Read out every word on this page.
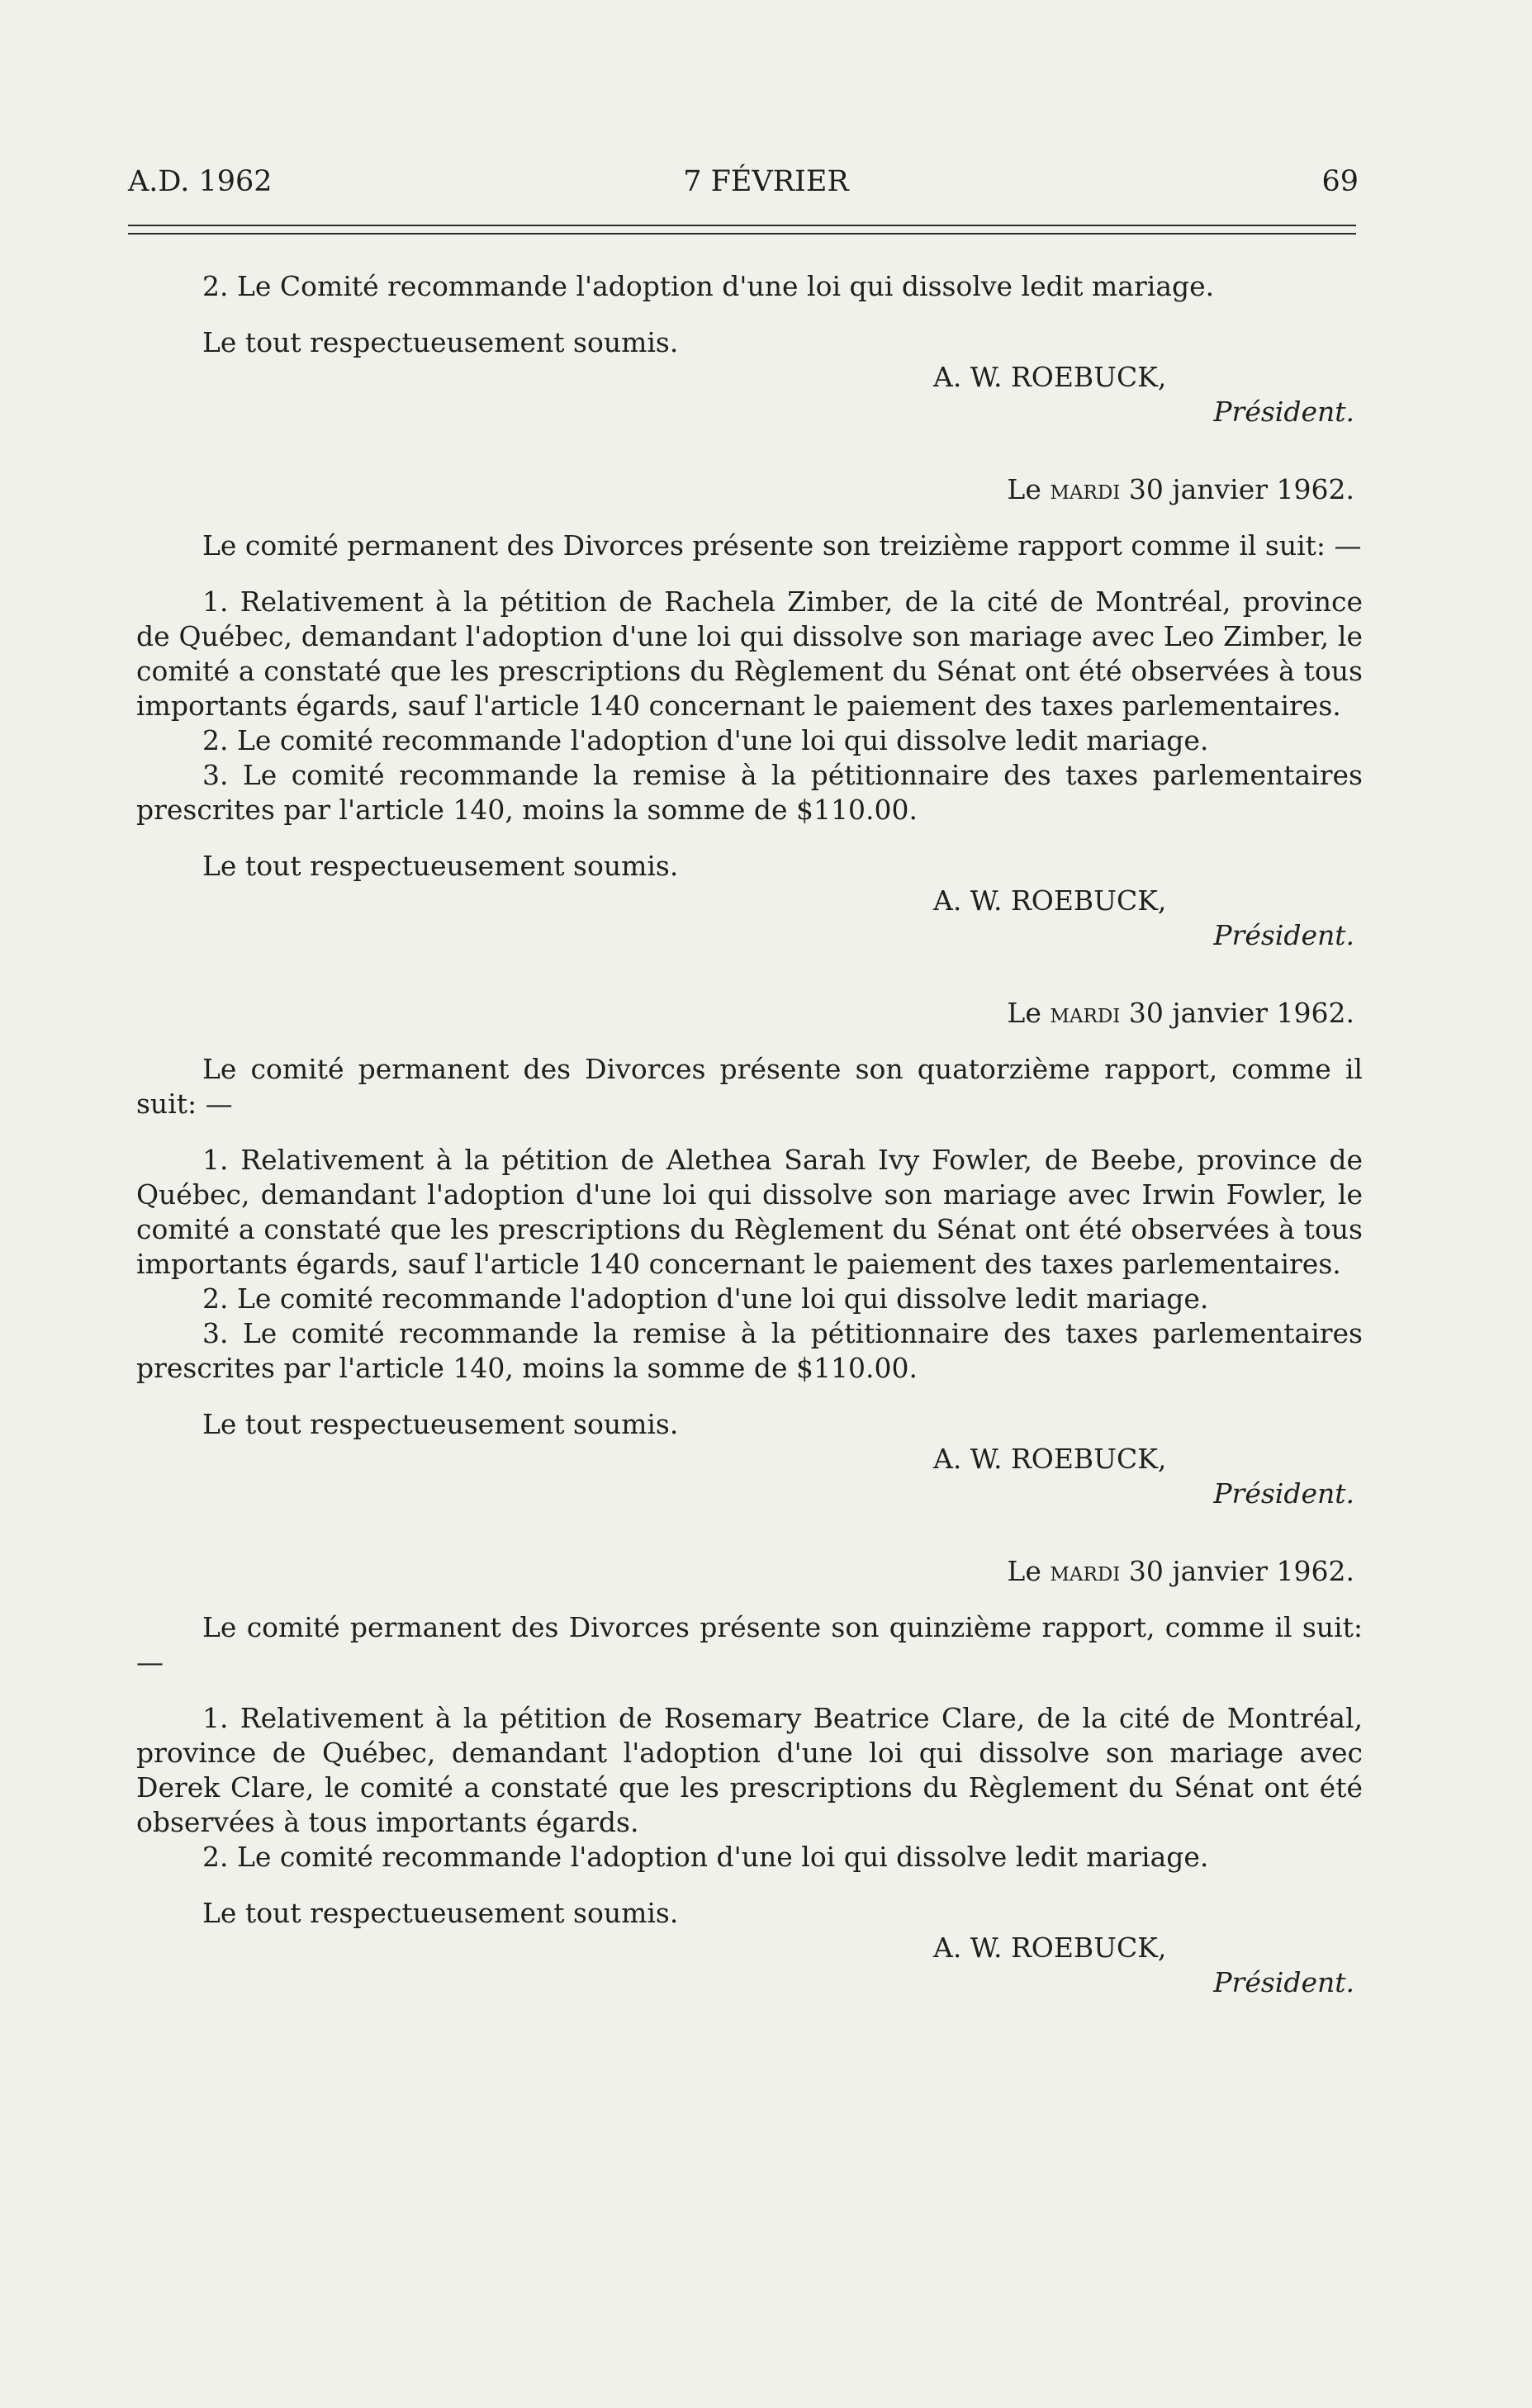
A.D. 1962	7 FÉVRIER	69

2. Le Comité recommande l'adoption d'une loi qui dissolve ledit mariage.

Le tout respectueusement soumis.

A. W. ROEBUCK,

Président.

Le mardi 30 janvier 1962.

Le comité permanent des Divorces présente son treizième rapport comme il suit: —

1. Relativement à la pétition de Rachela Zimber, de la cité de Montréal, province de Québec, demandant l'adoption d'une loi qui dissolve son mariage avec Leo Zimber, le comité a constaté que les prescriptions du Règlement du Sénat ont été observées à tous importants égards, sauf l'article 140 concernant le paiement des taxes parlementaires.

2. Le comité recommande l'adoption d'une loi qui dissolve ledit mariage.

3. Le comité recommande la remise à la pétitionnaire des taxes parlementaires prescrites par l'article 140, moins la somme de $110.00.

Le tout respectueusement soumis.

A. W. ROEBUCK,

Président.

Le mardi 30 janvier 1962.

Le comité permanent des Divorces présente son quatorzième rapport, comme il suit: —

1. Relativement à la pétition de Alethea Sarah Ivy Fowler, de Beebe, province de Québec, demandant l'adoption d'une loi qui dissolve son mariage avec Irwin Fowler, le comité a constaté que les prescriptions du Règlement du Sénat ont été observées à tous importants égards, sauf l'article 140 concernant le paiement des taxes parlementaires.

2. Le comité recommande l'adoption d'une loi qui dissolve ledit mariage.

3. Le comité recommande la remise à la pétitionnaire des taxes parlementaires prescrites par l'article 140, moins la somme de $110.00.

Le tout respectueusement soumis.

A. W. ROEBUCK,

Président.

Le mardi 30 janvier 1962.

Le comité permanent des Divorces présente son quinzième rapport, comme il suit: —

1. Relativement à la pétition de Rosemary Beatrice Clare, de la cité de Montréal, province de Québec, demandant l'adoption d'une loi qui dissolve son mariage avec Derek Clare, le comité a constaté que les prescriptions du Règlement du Sénat ont été observées à tous importants égards.

2. Le comité recommande l'adoption d'une loi qui dissolve ledit mariage.

Le tout respectueusement soumis.

A. W. ROEBUCK,

Président.
